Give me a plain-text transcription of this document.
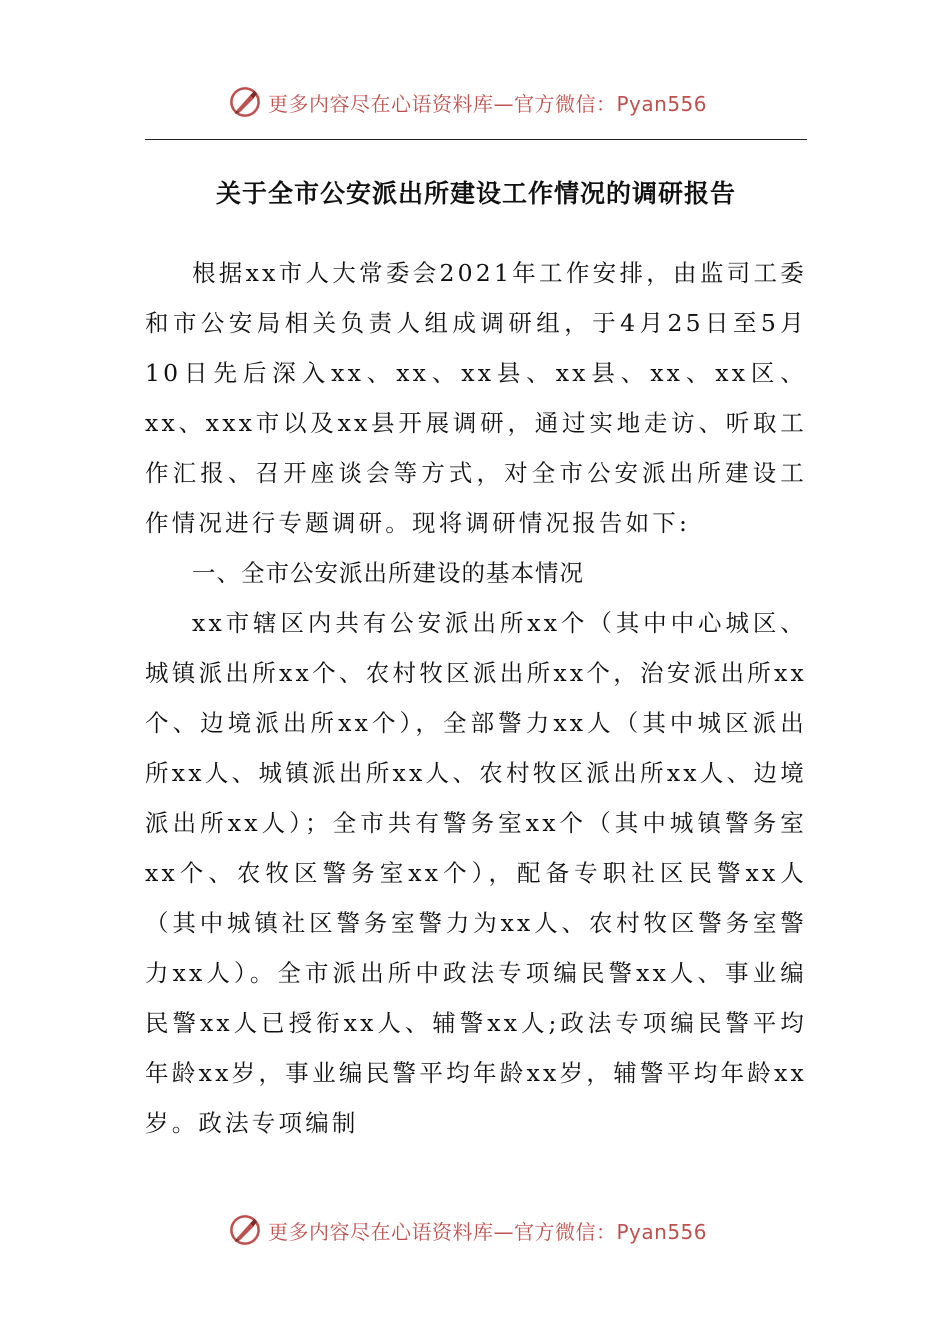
更多内容尽在心语资料库—官方微信：Pyan556
关于全市公安派出所建设工作情况的调研报告

根据xx市人大常委会2021年工作安排，由监司工委和市公安局相关负责人组成调研组，于4月25日至5月10日先后深入xx、xx、xx县、xx县、xx、xx区、xx、xxx市以及xx县开展调研，通过实地走访、听取工作汇报、召开座谈会等方式，对全市公安派出所建设工作情况进行专题调研。现将调研情况报告如下:

一、全市公安派出所建设的基本情况

xx市辖区内共有公安派出所xx个（其中中心城区、城镇派出所xx个、农村牧区派出所xx个，治安派出所xx个、边境派出所xx个），全部警力xx人（其中城区派出所xx人、城镇派出所xx人、农村牧区派出所xx人、边境派出所xx人）；全市共有警务室xx个（其中城镇警务室xx个、农牧区警务室xx个），配备专职社区民警xx人（其中城镇社区警务室警力为xx人、农村牧区警务室警力xx人）。全市派出所中政法专项编民警xx人、事业编民警xx人已授衔xx人、辅警xx人;政法专项编民警平均年龄xx岁，事业编民警平均年龄xx岁，辅警平均年龄xx岁。政法专项编制

更多内容尽在心语资料库—官方微信：Pyan556
